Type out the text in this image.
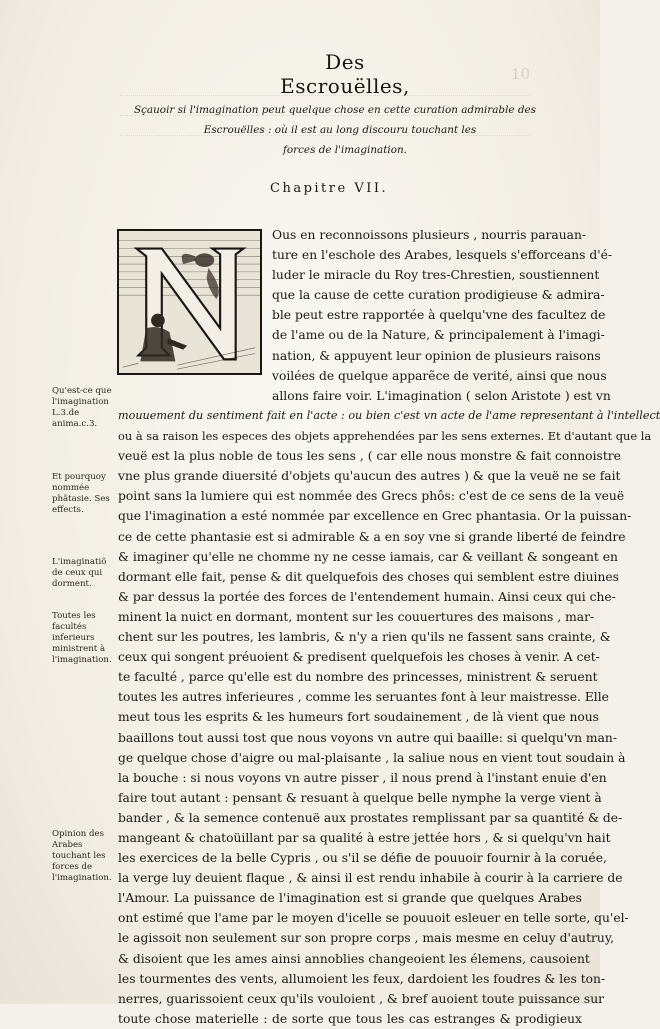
10
Des Escrouëlles,
Sçauoir si l'imagination peut quelque chose en cette curation admirable des
Escrouëlles : où il est au long discouru touchant les
forces de l'imagination.
Chapitre VII.
Ous en reconnoissons plusieurs , nourris parauan-
ture en l'eschole des Arabes, lesquels s'efforceans d'é-
luder le miracle du Roy tres-Chrestien, soustiennent
que la cause de cette curation prodigieuse & admira-
ble peut estre rapportée à quelqu'vne des facultez de
de l'ame ou de la Nature, & principalement à l'imagi-
nation, & appuyent leur opinion de plusieurs raisons
voilées de quelque apparẽce de verité, ainsi que nous
allons faire voir. L'imagination ( selon Aristote ) est vn
mouuement du sentiment fait en l'acte : ou bien c'est vn acte de l'ame representant à l'intellect
ou à sa raison les especes des objets apprehendées par les sens externes. Et d'autant que la
veuë est la plus noble de tous les sens , ( car elle nous monstre & fait connoistre
vne plus grande diuersité d'objets qu'aucun des autres ) & que la veuë ne se fait
point sans la lumiere qui est nommée des Grecs phôs: c'est de ce sens de la veuë
que l'imagination a esté nommée par excellence en Grec phantasia. Or la puissan-
ce de cette phantasie est si admirable & a en soy vne si grande liberté de feindre
& imaginer qu'elle ne chomme ny ne cesse iamais, car & veillant & songeant en
dormant elle fait, pense & dit quelquefois des choses qui semblent estre diuines
& par dessus la portée des forces de l'entendement humain. Ainsi ceux qui che-
minent la nuict en dormant, montent sur les couuertures des maisons , mar-
chent sur les poutres, les lambris, & n'y a rien qu'ils ne fassent sans crainte, &
ceux qui songent préuoient & predisent quelquefois les choses à venir. A cet-
te faculté , parce qu'elle est du nombre des princesses, ministrent & seruent
toutes les autres inferieures , comme les seruantes font à leur maistresse. Elle
meut tous les esprits & les humeurs fort soudainement , de là vient que nous
baaillons tout aussi tost que nous voyons vn autre qui baaille: si quelqu'vn man-
ge quelque chose d'aigre ou mal-plaisante , la saliue nous en vient tout soudain à
la bouche : si nous voyons vn autre pisser , il nous prend à l'instant enuie d'en
faire tout autant : pensant & resuant à quelque belle nymphe la verge vient à
bander , & la semence contenuë aux prostates remplissant par sa quantité & de-
mangeant & chatoüillant par sa qualité à estre jettée hors , & si quelqu'vn hait
les exercices de la belle Cypris , ou s'il se défie de pouuoir fournir à la coruée,
la verge luy deuient flaque , & ainsi il est rendu inhabile à courir à la carriere de
l'Amour. La puissance de l'imagination est si grande que quelques Arabes
ont estimé que l'ame par le moyen d'icelle se pouuoit esleuer en telle sorte, qu'el-
le agissoit non seulement sur son propre corps , mais mesme en celuy d'autruy,
& disoient que les ames ainsi annoblies changeoient les élemens, causoient
les tourmentes des vents, allumoient les feux, dardoient les foudres & les ton-
nerres, guarissoient ceux qu'ils vouloient , & bref auoient toute puissance sur
toute chose materielle : de sorte que tous les cas estranges & prodigieux
Qu'est-ce que l'imagination L.3.de anima.c.3.
Et pourquoy nommée phãtasie. Ses effects.
L'imaginatiõ de ceux qui dorment.
Toutes les facultés inferieurs ministrent à l'imagination.
Opinion des Arabes touchant les forces de l'imagination.
